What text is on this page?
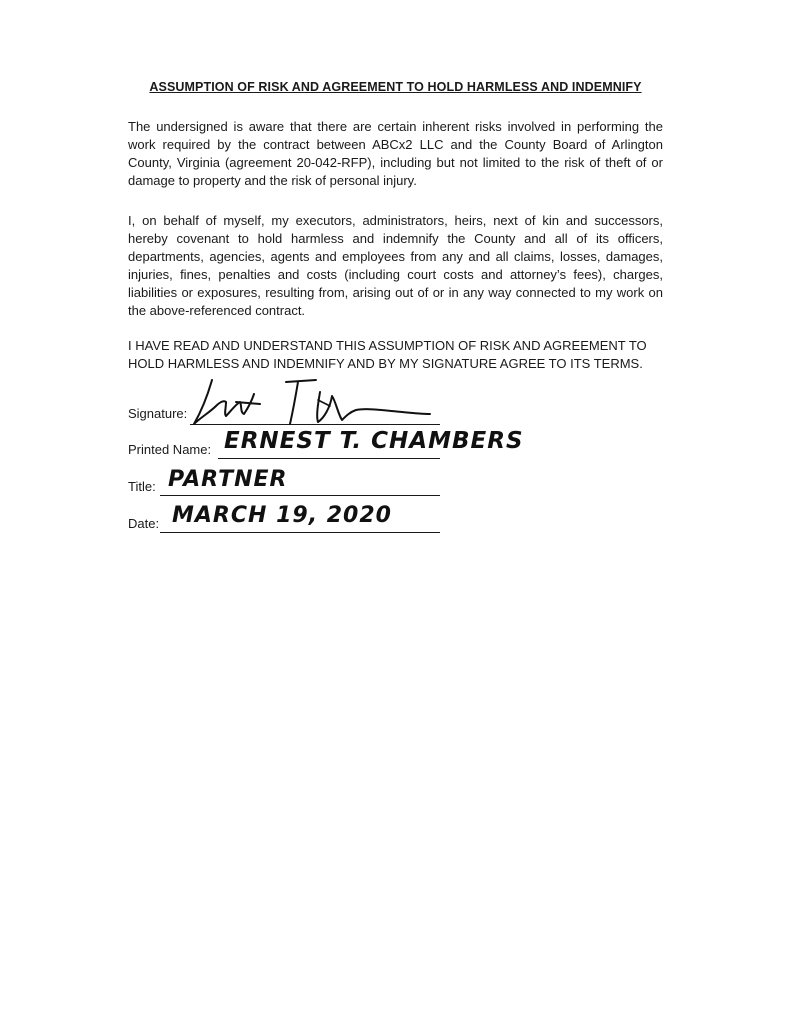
ASSUMPTION OF RISK AND AGREEMENT TO HOLD HARMLESS AND INDEMNIFY

The undersigned is aware that there are certain inherent risks involved in performing the work required by the contract between ABCx2 LLC and the County Board of Arlington County, Virginia (agreement 20-042-RFP), including but not limited to the risk of theft of or damage to property and the risk of personal injury.

I, on behalf of myself, my executors, administrators, heirs, next of kin and successors, hereby covenant to hold harmless and indemnify the County and all of its officers, departments, agencies, agents and employees from any and all claims, losses, damages, injuries, fines, penalties and costs (including court costs and attorney’s fees), charges, liabilities or exposures, resulting from, arising out of or in any way connected to my work on the above-referenced contract.

I HAVE READ AND UNDERSTAND THIS ASSUMPTION OF RISK AND AGREEMENT TO HOLD HARMLESS AND INDEMNIFY AND BY MY SIGNATURE AGREE TO ITS TERMS.

Signature:
Printed Name: ERNEST T. CHAMBERS
Title: PARTNER
Date: MARCH 19, 2020
